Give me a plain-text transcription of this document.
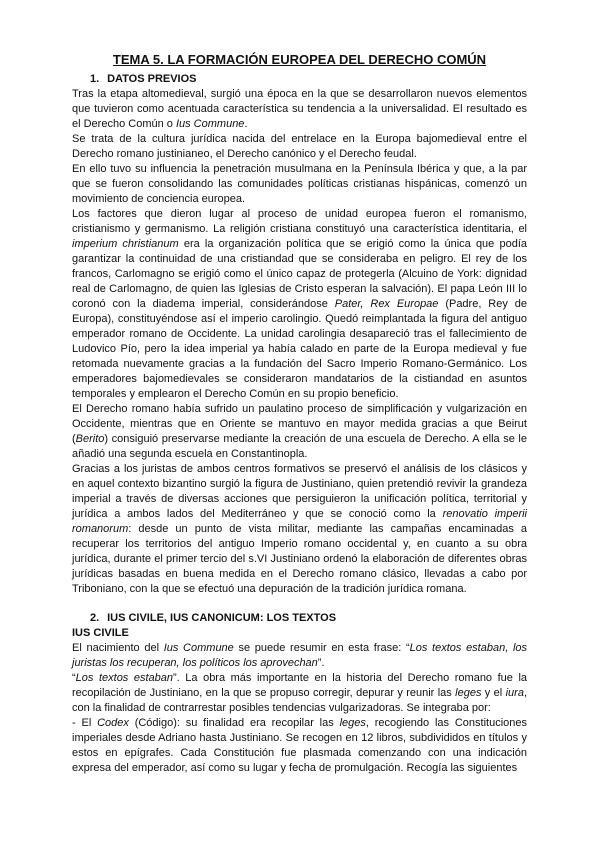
TEMA 5. LA FORMACIÓN EUROPEA DEL DERECHO COMÚN
1. DATOS PREVIOS

Tras la etapa altomedieval, surgió una época en la que se desarrollaron nuevos elementos que tuvieron como acentuada característica su tendencia a la universalidad. El resultado es el Derecho Común o Ius Commune.

Se trata de la cultura jurídica nacida del entrelace en la Europa bajomedieval entre el Derecho romano justinianeo, el Derecho canónico y el Derecho feudal.

En ello tuvo su influencia la penetración musulmana en la Península Ibérica y que, a la par que se fueron consolidando las comunidades políticas cristianas hispánicas, comenzó un movimiento de conciencia europea.

Los factores que dieron lugar al proceso de unidad europea fueron el romanismo, cristianismo y germanismo. La religión cristiana constituyó una característica identitaria, el imperium christianum era la organización política que se erigió como la única que podía garantizar la continuidad de una cristiandad que se consideraba en peligro. El rey de los francos, Carlomagno se erigió como el único capaz de protegerla (Alcuino de York: dignidad real de Carlomagno, de quien las Iglesias de Cristo esperan la salvación). El papa León III lo coronó con la diadema imperial, considerándose Pater, Rex Europae (Padre, Rey de Europa), constituyéndose así el imperio carolingio. Quedó reimplantada la figura del antiguo emperador romano de Occidente. La unidad carolingia desapareció tras el fallecimiento de Ludovico Pío, pero la idea imperial ya había calado en parte de la Europa medieval y fue retomada nuevamente gracias a la fundación del Sacro Imperio Romano-Germánico. Los emperadores bajomedievales se consideraron mandatarios de la cistiandad en asuntos temporales y emplearon el Derecho Común en su propio beneficio.

El Derecho romano había sufrido un paulatino proceso de simplificación y vulgarización en Occidente, mientras que en Oriente se mantuvo en mayor medida gracias a que Beirut (Berito) consiguió preservarse mediante la creación de una escuela de Derecho. A ella se le añadió una segunda escuela en Constantinopla.

Gracias a los juristas de ambos centros formativos se preservó el análisis de los clásicos y en aquel contexto bizantino surgió la figura de Justiniano, quien pretendió revivir la grandeza imperial a través de diversas acciones que persiguieron la unificación política, territorial y jurídica a ambos lados del Mediterráneo y que se conoció como la renovatio imperii romanorum: desde un punto de vista militar, mediante las campañas encaminadas a recuperar los territorios del antiguo Imperio romano occidental y, en cuanto a su obra jurídica, durante el primer tercio del s.VI Justiniano ordenó la elaboración de diferentes obras jurídicas basadas en buena medida en el Derecho romano clásico, llevadas a cabo por Triboniano, con la que se efectuó una depuración de la tradición jurídica romana.

2. IUS CIVILE, IUS CANONICUM: LOS TEXTOS
IUS CIVILE

El nacimiento del Ius Commune se puede resumir en esta frase: “Los textos estaban, los juristas los recuperan, los políticos los aprovechan”.

“Los textos estaban”. La obra más importante en la historia del Derecho romano fue la recopilación de Justiniano, en la que se propuso corregir, depurar y reunir las leges y el iura, con la finalidad de contrarrestar posibles tendencias vulgarizadoras. Se integraba por:

- El Codex (Código): su finalidad era recopilar las leges, recogiendo las Constituciones imperiales desde Adriano hasta Justiniano. Se recogen en 12 libros, subdivididos en títulos y estos en epígrafes. Cada Constitución fue plasmada comenzando con una indicación expresa del emperador, así como su lugar y fecha de promulgación. Recogía las siguientes
